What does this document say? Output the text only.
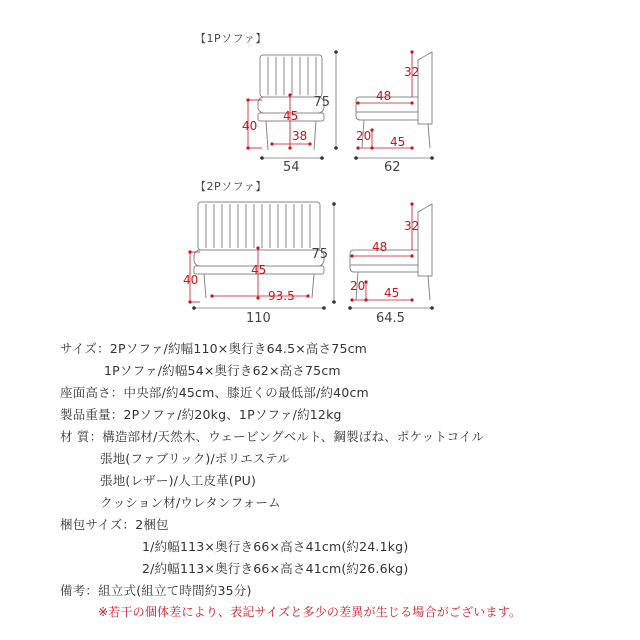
【1Pソファ】
【2Pソファ】
45
40
38
54
32
75	48
20 45
62
40
45
93.5
110
32
75	48
20 45
64.5
サイズ：2Pソファ/約幅110×奥行き64.5×高さ75cm
1Pソファ/約幅54×奥行き62×高さ75cm
座面高さ：中央部/約45cm、膝近くの最低部/約40cm
製品重量：2Pソファ/約20kg、1Pソファ/約12kg
材 質：構造部材/天然木、ウェービングベルト、鋼製ばね、ポケットコイル
張地(ファブリック)/ポリエステル
張地(レザー)/人工皮革(PU)
クッション材/ウレタンフォーム
梱包サイズ：2梱包
1/約幅113×奥行き66×高さ41cm(約24.1kg)
2/約幅113×奥行き66×高さ41cm(約26.6kg)
備考：組立式(組立て時間約35分)
※若干の個体差により、表記サイズと多少の差異が生じる場合がございます。
